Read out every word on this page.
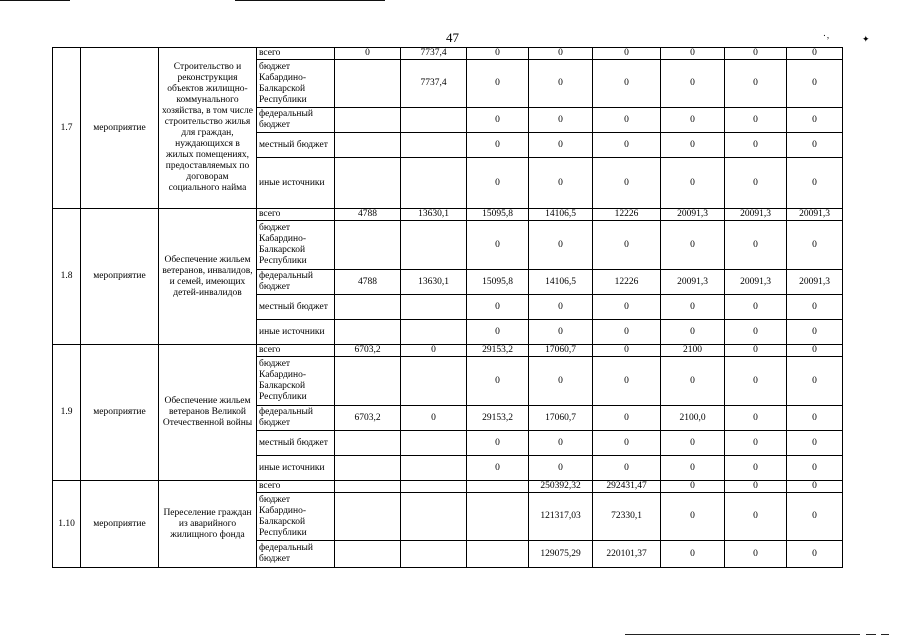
47	٠,	✦
1.7	мероприятие	Строительство и реконструкция объектов жилищно-коммунального хозяйства, в том числе строительство жилья для граждан, нуждающихся в жилых помещениях, предоставляемых по договорам социального найма	всего	0	7737,4	0	0	0	0	0	0
			бюджет Кабардино-Балкарской Республики		7737,4	0	0	0	0	0	0
			федеральный бюджет			0	0	0	0	0	0
			местный бюджет			0	0	0	0	0	0
			иные источники			0	0	0	0	0	0
1.8	мероприятие	Обеспечение жильем ветеранов, инвалидов, и семей, имеющих детей-инвалидов	всего	4788	13630,1	15095,8	14106,5	12226	20091,3	20091,3	20091,3
			бюджет Кабардино-Балкарской Республики			0	0	0	0	0	0
			федеральный бюджет	4788	13630,1	15095,8	14106,5	12226	20091,3	20091,3	20091,3
			местный бюджет			0	0	0	0	0	0
			иные источники			0	0	0	0	0	0
1.9	мероприятие	Обеспечение жильем ветеранов Великой Отечественной войны	всего	6703,2	0	29153,2	17060,7	0	2100	0	0
			бюджет Кабардино-Балкарской Республики			0	0	0	0	0	0
			федеральный бюджет	6703,2	0	29153,2	17060,7	0	2100,0	0	0
			местный бюджет			0	0	0	0	0	0
			иные источники			0	0	0	0	0	0
1.10	мероприятие	Переселение граждан из аварийного жилищного фонда	всего				250392,32	292431,47	0	0	0
			бюджет Кабардино-Балкарской Республики				121317,03	72330,1	0	0	0
			федеральный бюджет				129075,29	220101,37	0	0	0
